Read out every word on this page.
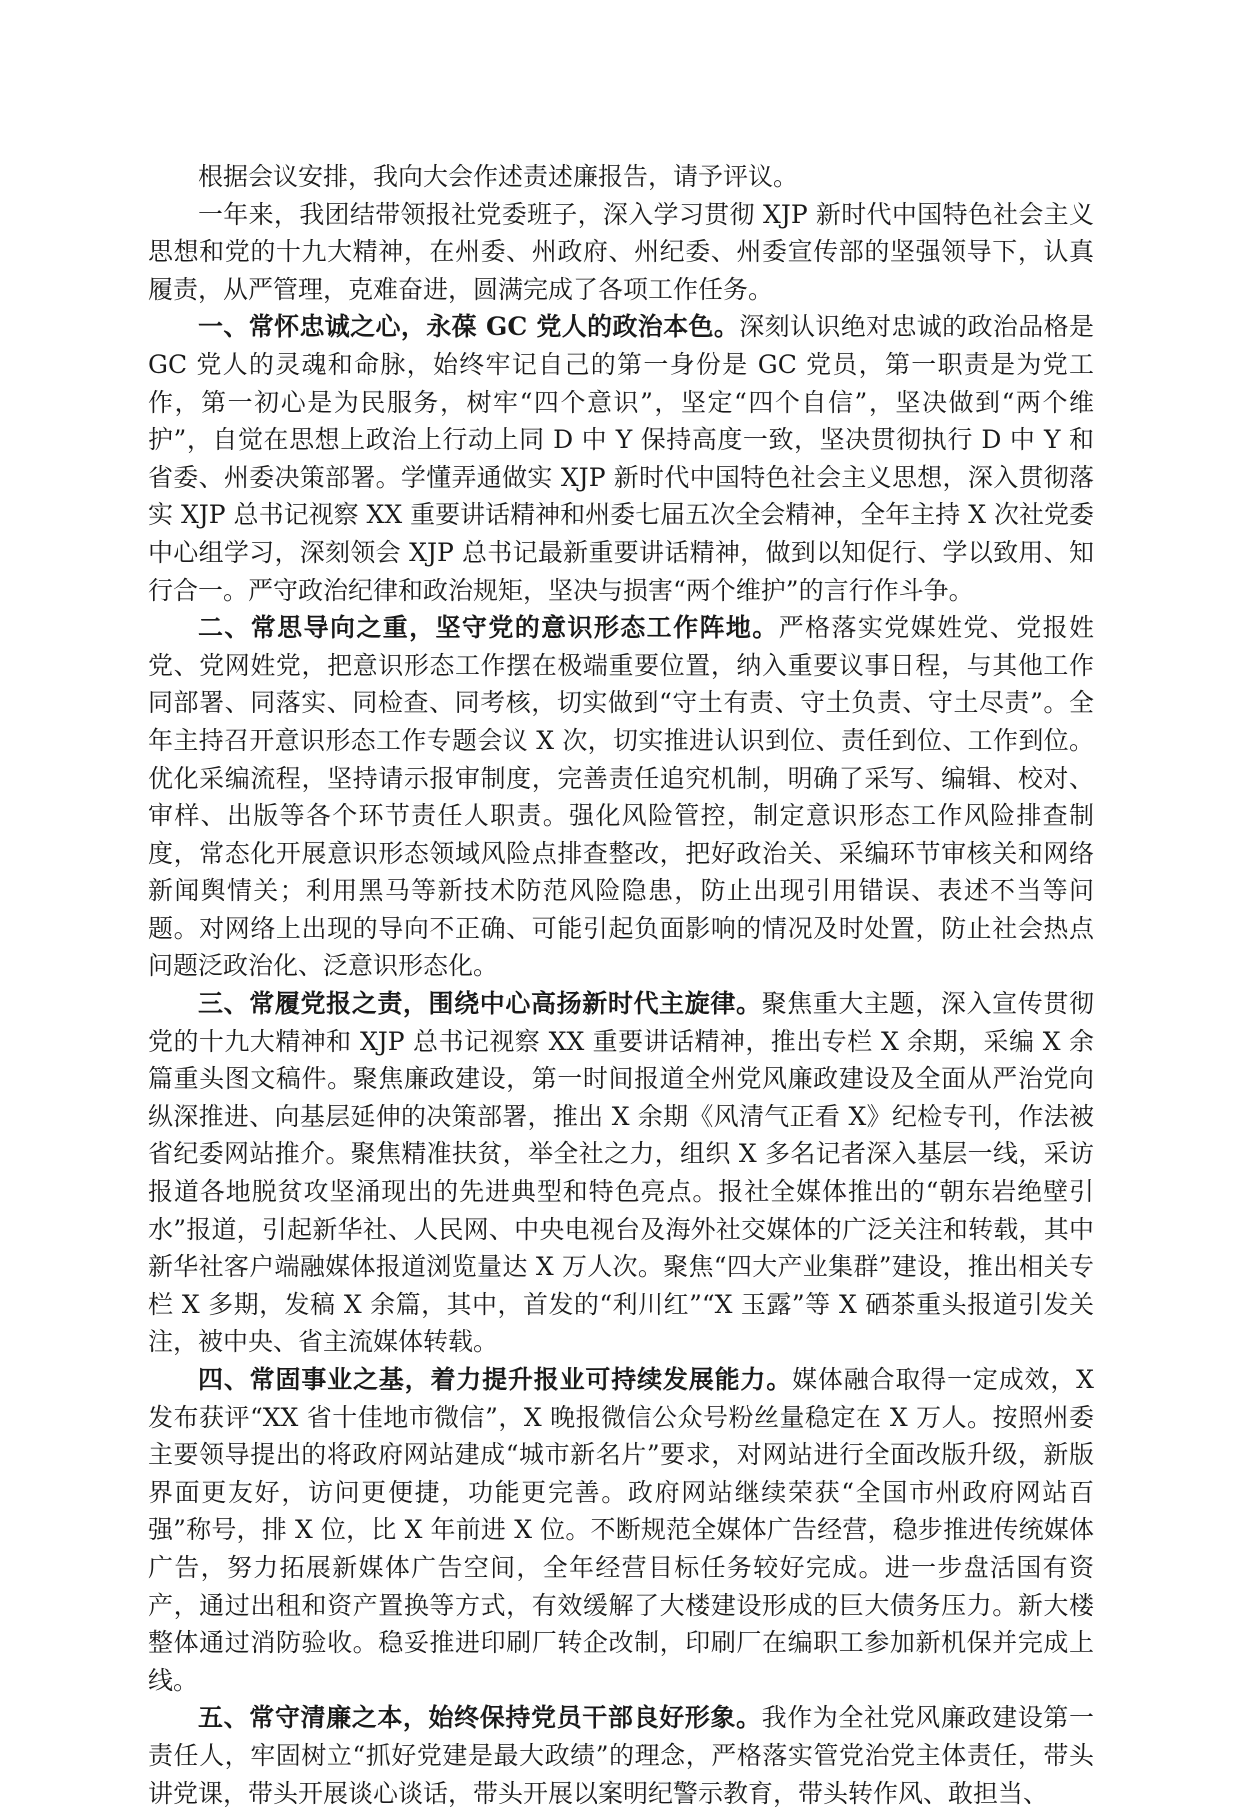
根据会议安排，我向大会作述责述廉报告，请予评议。

一年来，我团结带领报社党委班子，深入学习贯彻 XJP 新时代中国特色社会主义思想和党的十九大精神，在州委、州政府、州纪委、州委宣传部的坚强领导下，认真履责，从严管理，克难奋进，圆满完成了各项工作任务。

一、常怀忠诚之心，永葆 GC 党人的政治本色。深刻认识绝对忠诚的政治品格是 GC 党人的灵魂和命脉，始终牢记自己的第一身份是 GC 党员，第一职责是为党工作，第一初心是为民服务，树牢“四个意识”，坚定“四个自信”，坚决做到“两个维护”，自觉在思想上政治上行动上同 D 中 Y 保持高度一致，坚决贯彻执行 D 中 Y 和省委、州委决策部署。学懂弄通做实 XJP 新时代中国特色社会主义思想，深入贯彻落实 XJP 总书记视察 XX 重要讲话精神和州委七届五次全会精神，全年主持 X 次社党委中心组学习，深刻领会 XJP 总书记最新重要讲话精神，做到以知促行、学以致用、知行合一。严守政治纪律和政治规矩，坚决与损害“两个维护”的言行作斗争。

二、常思导向之重，坚守党的意识形态工作阵地。严格落实党媒姓党、党报姓党、党网姓党，把意识形态工作摆在极端重要位置，纳入重要议事日程，与其他工作同部署、同落实、同检查、同考核，切实做到“守土有责、守土负责、守土尽责”。全年主持召开意识形态工作专题会议 X 次，切实推进认识到位、责任到位、工作到位。优化采编流程，坚持请示报审制度，完善责任追究机制，明确了采写、编辑、校对、审样、出版等各个环节责任人职责。强化风险管控，制定意识形态工作风险排查制度，常态化开展意识形态领域风险点排查整改，把好政治关、采编环节审核关和网络新闻舆情关；利用黑马等新技术防范风险隐患，防止出现引用错误、表述不当等问题。对网络上出现的导向不正确、可能引起负面影响的情况及时处置，防止社会热点问题泛政治化、泛意识形态化。

三、常履党报之责，围绕中心高扬新时代主旋律。聚焦重大主题，深入宣传贯彻党的十九大精神和 XJP 总书记视察 XX 重要讲话精神，推出专栏 X 余期，采编 X 余篇重头图文稿件。聚焦廉政建设，第一时间报道全州党风廉政建设及全面从严治党向纵深推进、向基层延伸的决策部署，推出 X 余期《风清气正看 X》纪检专刊，作法被省纪委网站推介。聚焦精准扶贫，举全社之力，组织 X 多名记者深入基层一线，采访报道各地脱贫攻坚涌现出的先进典型和特色亮点。报社全媒体推出的“朝东岩绝壁引水”报道，引起新华社、人民网、中央电视台及海外社交媒体的广泛关注和转载，其中新华社客户端融媒体报道浏览量达 X 万人次。聚焦“四大产业集群”建设，推出相关专栏 X 多期，发稿 X 余篇，其中，首发的“利川红”“X 玉露”等 X 硒茶重头报道引发关注，被中央、省主流媒体转载。

四、常固事业之基，着力提升报业可持续发展能力。媒体融合取得一定成效，X 发布获评“XX 省十佳地市微信”，X 晚报微信公众号粉丝量稳定在 X 万人。按照州委主要领导提出的将政府网站建成“城市新名片”要求，对网站进行全面改版升级，新版界面更友好，访问更便捷，功能更完善。政府网站继续荣获“全国市州政府网站百强”称号，排 X 位，比 X 年前进 X 位。不断规范全媒体广告经营，稳步推进传统媒体广告，努力拓展新媒体广告空间，全年经营目标任务较好完成。进一步盘活国有资产，通过出租和资产置换等方式，有效缓解了大楼建设形成的巨大债务压力。新大楼整体通过消防验收。稳妥推进印刷厂转企改制，印刷厂在编职工参加新机保并完成上线。

五、常守清廉之本，始终保持党员干部良好形象。我作为全社党风廉政建设第一责任人，牢固树立“抓好党建是最大政绩”的理念，严格落实管党治党主体责任，带头讲党课，带头开展谈心谈话，带头开展以案明纪警示教育，带头转作风、敢担当、
